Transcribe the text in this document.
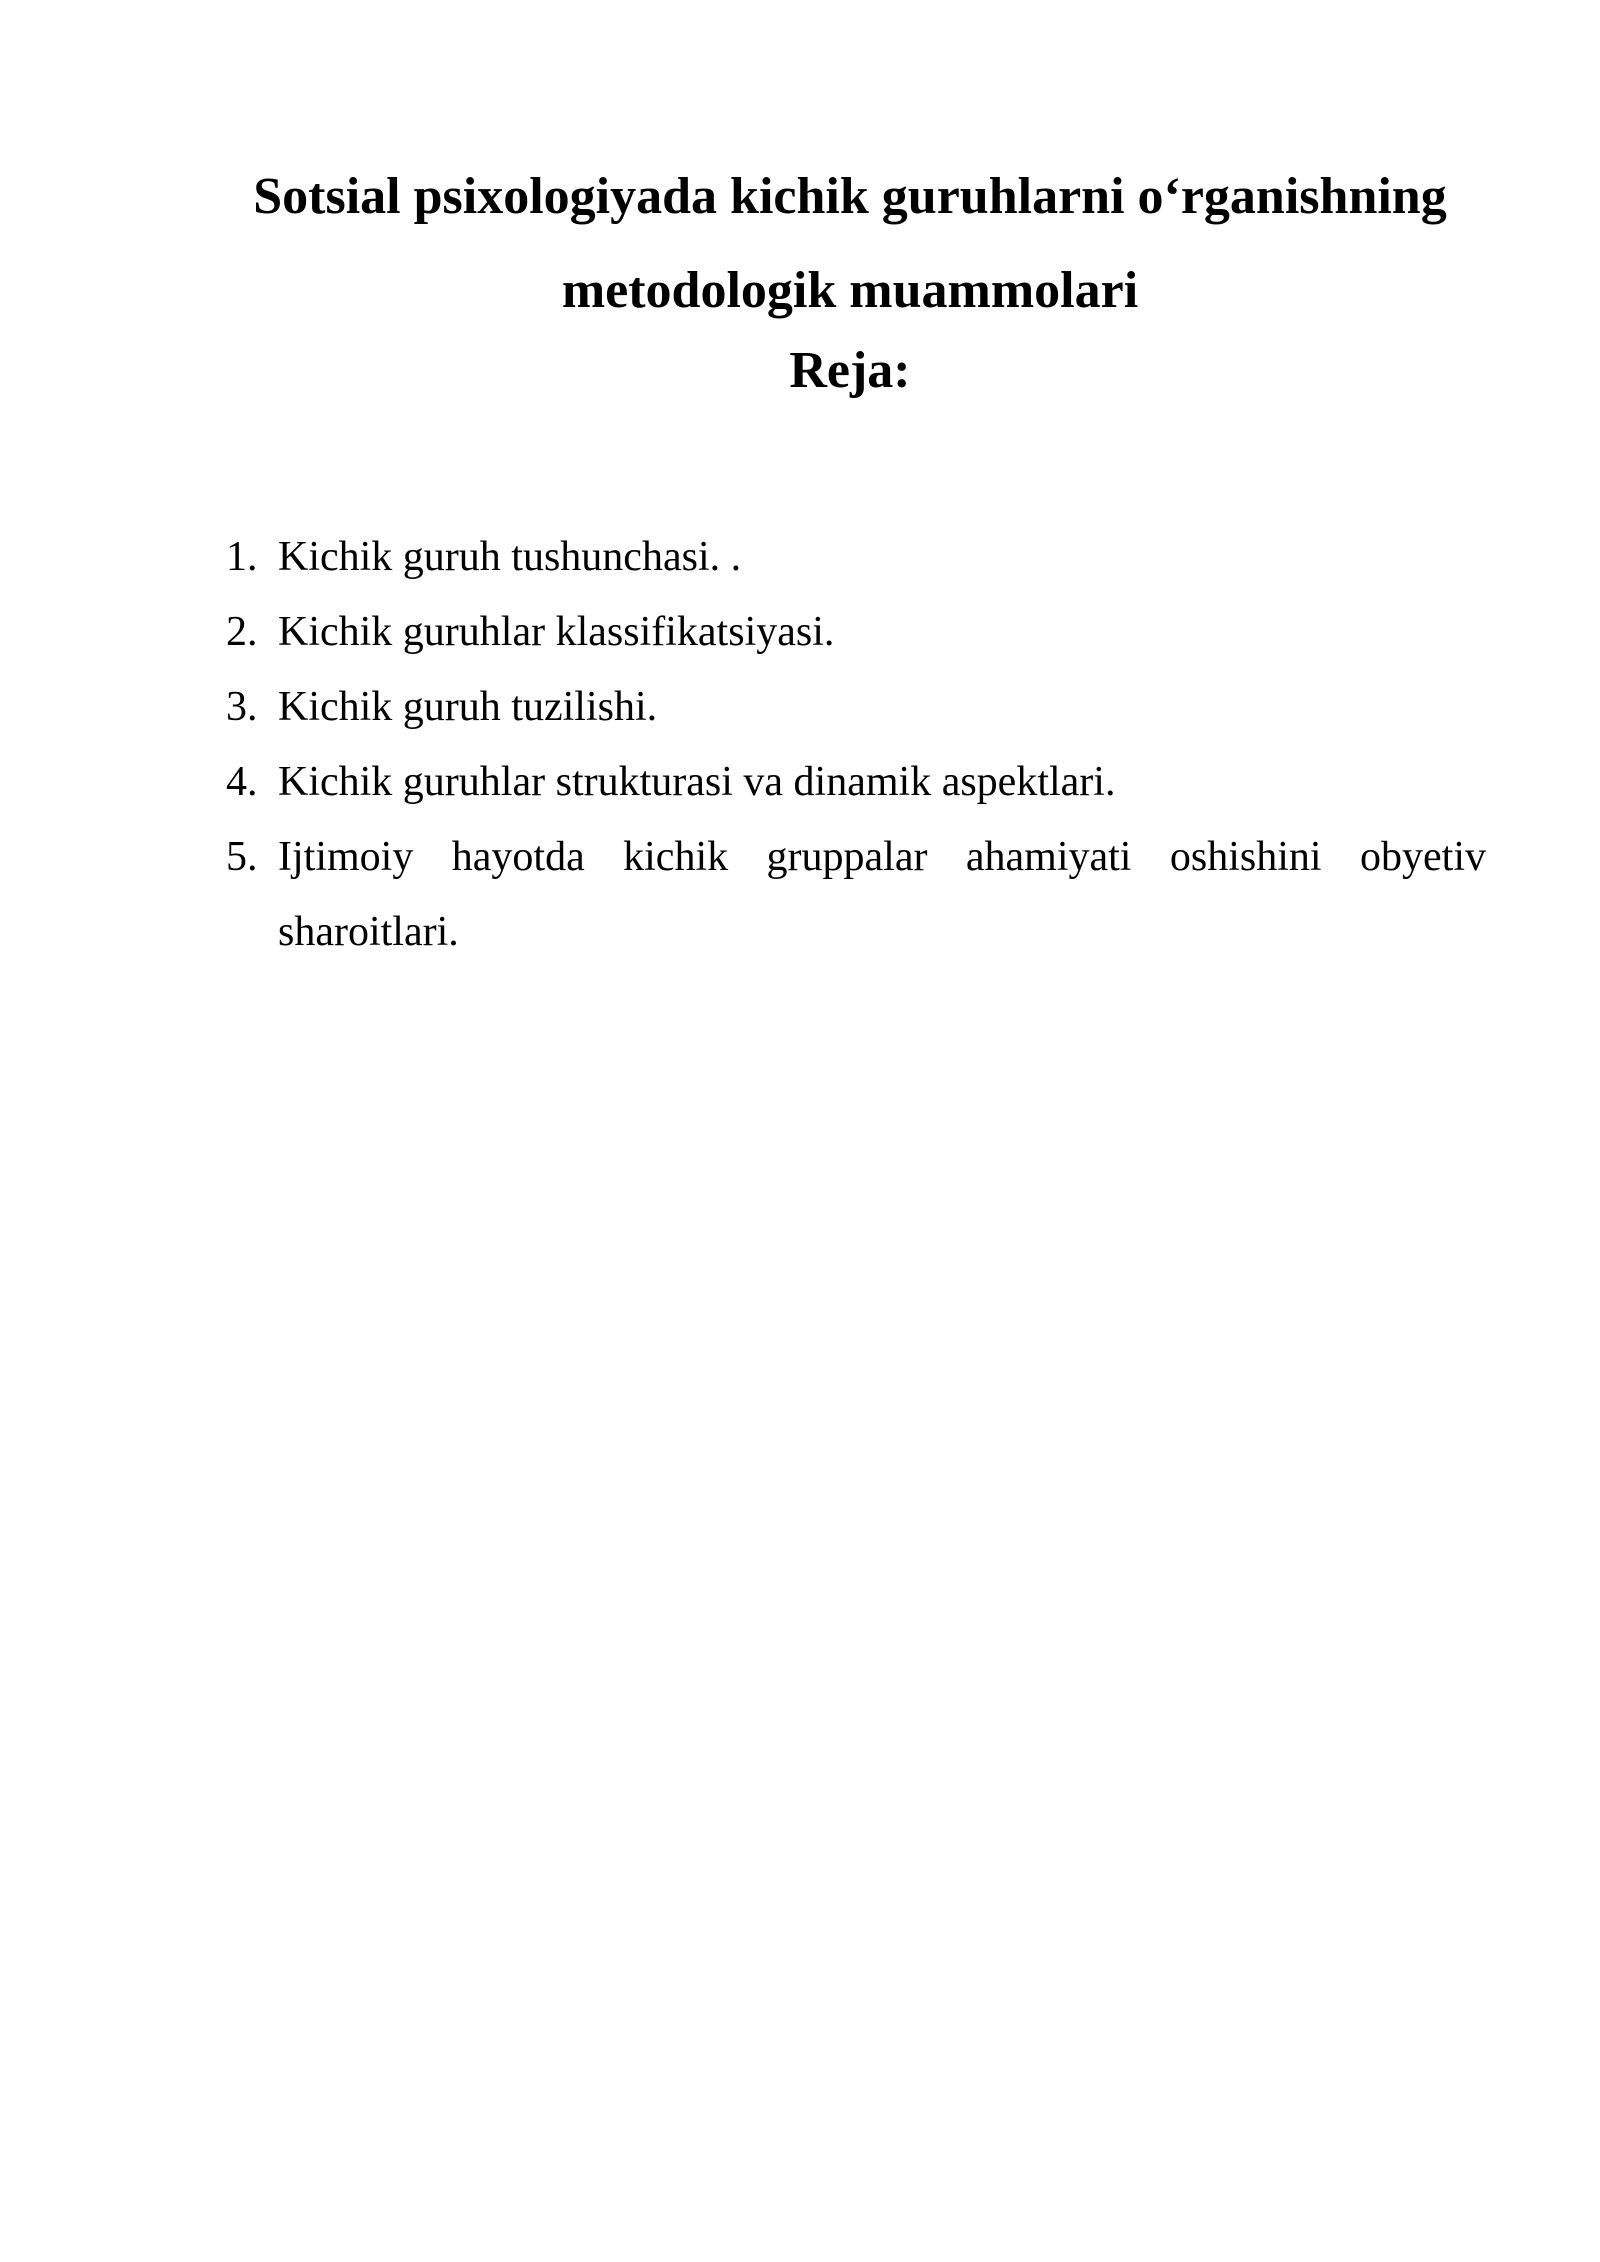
Sotsial psixologiyada kichik guruhlarni o‘rganishning
metodologik muammolari
Reja:
1. Kichik guruh tushunchasi. .
2. Kichik guruhlar klassifikatsiyasi.
3. Kichik guruh tuzilishi.
4. Kichik guruhlar strukturasi va dinamik aspektlari.
5. Ijtimoiy hayotda kichik gruppalar ahamiyati oshishini obyetiv sharoitlari.
